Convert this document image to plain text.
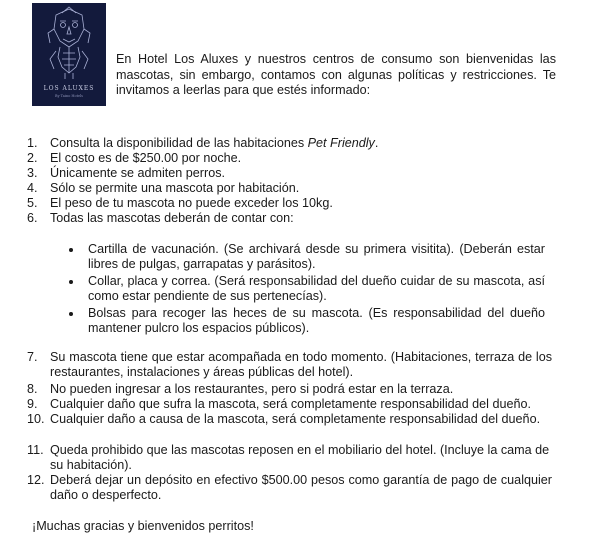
LOS ALUXES
By Taino Hotels
En Hotel Los Aluxes y nuestros centros de consumo son bienvenidas las mascotas, sin embargo, contamos con algunas políticas y restricciones. Te invitamos a leerlas para que estés informado:
1. Consulta la disponibilidad de las habitaciones Pet Friendly.
2. El costo es de $250.00 por noche.
3. Únicamente se admiten perros.
4. Sólo se permite una mascota por habitación.
5. El peso de tu mascota no puede exceder los 10kg.
6. Todas las mascotas deberán de contar con:
Cartilla de vacunación. (Se archivará desde su primera visitita). (Deberán estar libres de pulgas, garrapatas y parásitos).
Collar, placa y correa. (Será responsabilidad del dueño cuidar de su mascota, así como estar pendiente de sus pertenecías).
Bolsas para recoger las heces de su mascota. (Es responsabilidad del dueño mantener pulcro los espacios públicos).
7. Su mascota tiene que estar acompañada en todo momento. (Habitaciones, terraza de los restaurantes, instalaciones y áreas públicas del hotel).
8. No pueden ingresar a los restaurantes, pero si podrá estar en la terraza.
9. Cualquier daño que sufra la mascota, será completamente responsabilidad del dueño.
10. Cualquier daño a causa de la mascota, será completamente responsabilidad del dueño.
11. Queda prohibido que las mascotas reposen en el mobiliario del hotel. (Incluye la cama de su habitación).
12. Deberá dejar un depósito en efectivo $500.00 pesos como garantía de pago de cualquier daño o desperfecto.
¡Muchas gracias y bienvenidos perritos!
